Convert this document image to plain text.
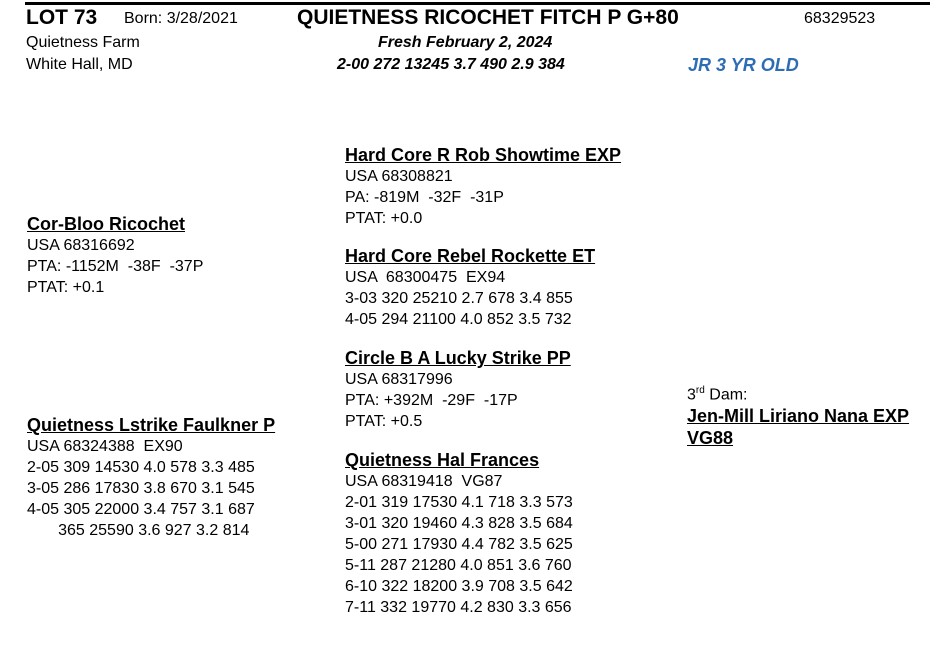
LOT 73 Born: 3/28/2021	QUIETNESS RICOCHET FITCH P G+80	68329523
Quietness Farm
White Hall, MD
Fresh February 2, 2024
2-00 272 13245 3.7 490 2.9 384	JR 3 YR OLD
Cor-Bloo Ricochet
USA 68316692
PTA: -1152M  -38F  -37P
PTAT: +0.1
Quietness Lstrike Faulkner P
USA 68324388  EX90
2-05 309 14530 4.0 578 3.3 485
3-05 286 17830 3.8 670 3.1 545
4-05 305 22000 3.4 757 3.1 687
365 25590 3.6 927 3.2 814
Hard Core R Rob Showtime EXP
USA 68308821
PA: -819M  -32F  -31P
PTAT: +0.0
Hard Core Rebel Rockette ET
USA  68300475  EX94
3-03 320 25210 2.7 678 3.4 855
4-05 294 21100 4.0 852 3.5 732
Circle B A Lucky Strike PP
USA 68317996
PTA: +392M  -29F  -17P
PTAT: +0.5
Quietness Hal Frances
USA 68319418  VG87
2-01 319 17530 4.1 718 3.3 573
3-01 320 19460 4.3 828 3.5 684
5-00 271 17930 4.4 782 3.5 625
5-11 287 21280 4.0 851 3.6 760
6-10 322 18200 3.9 708 3.5 642
7-11 332 19770 4.2 830 3.3 656
3rd Dam:
Jen-Mill Liriano Nana EXP
VG88
